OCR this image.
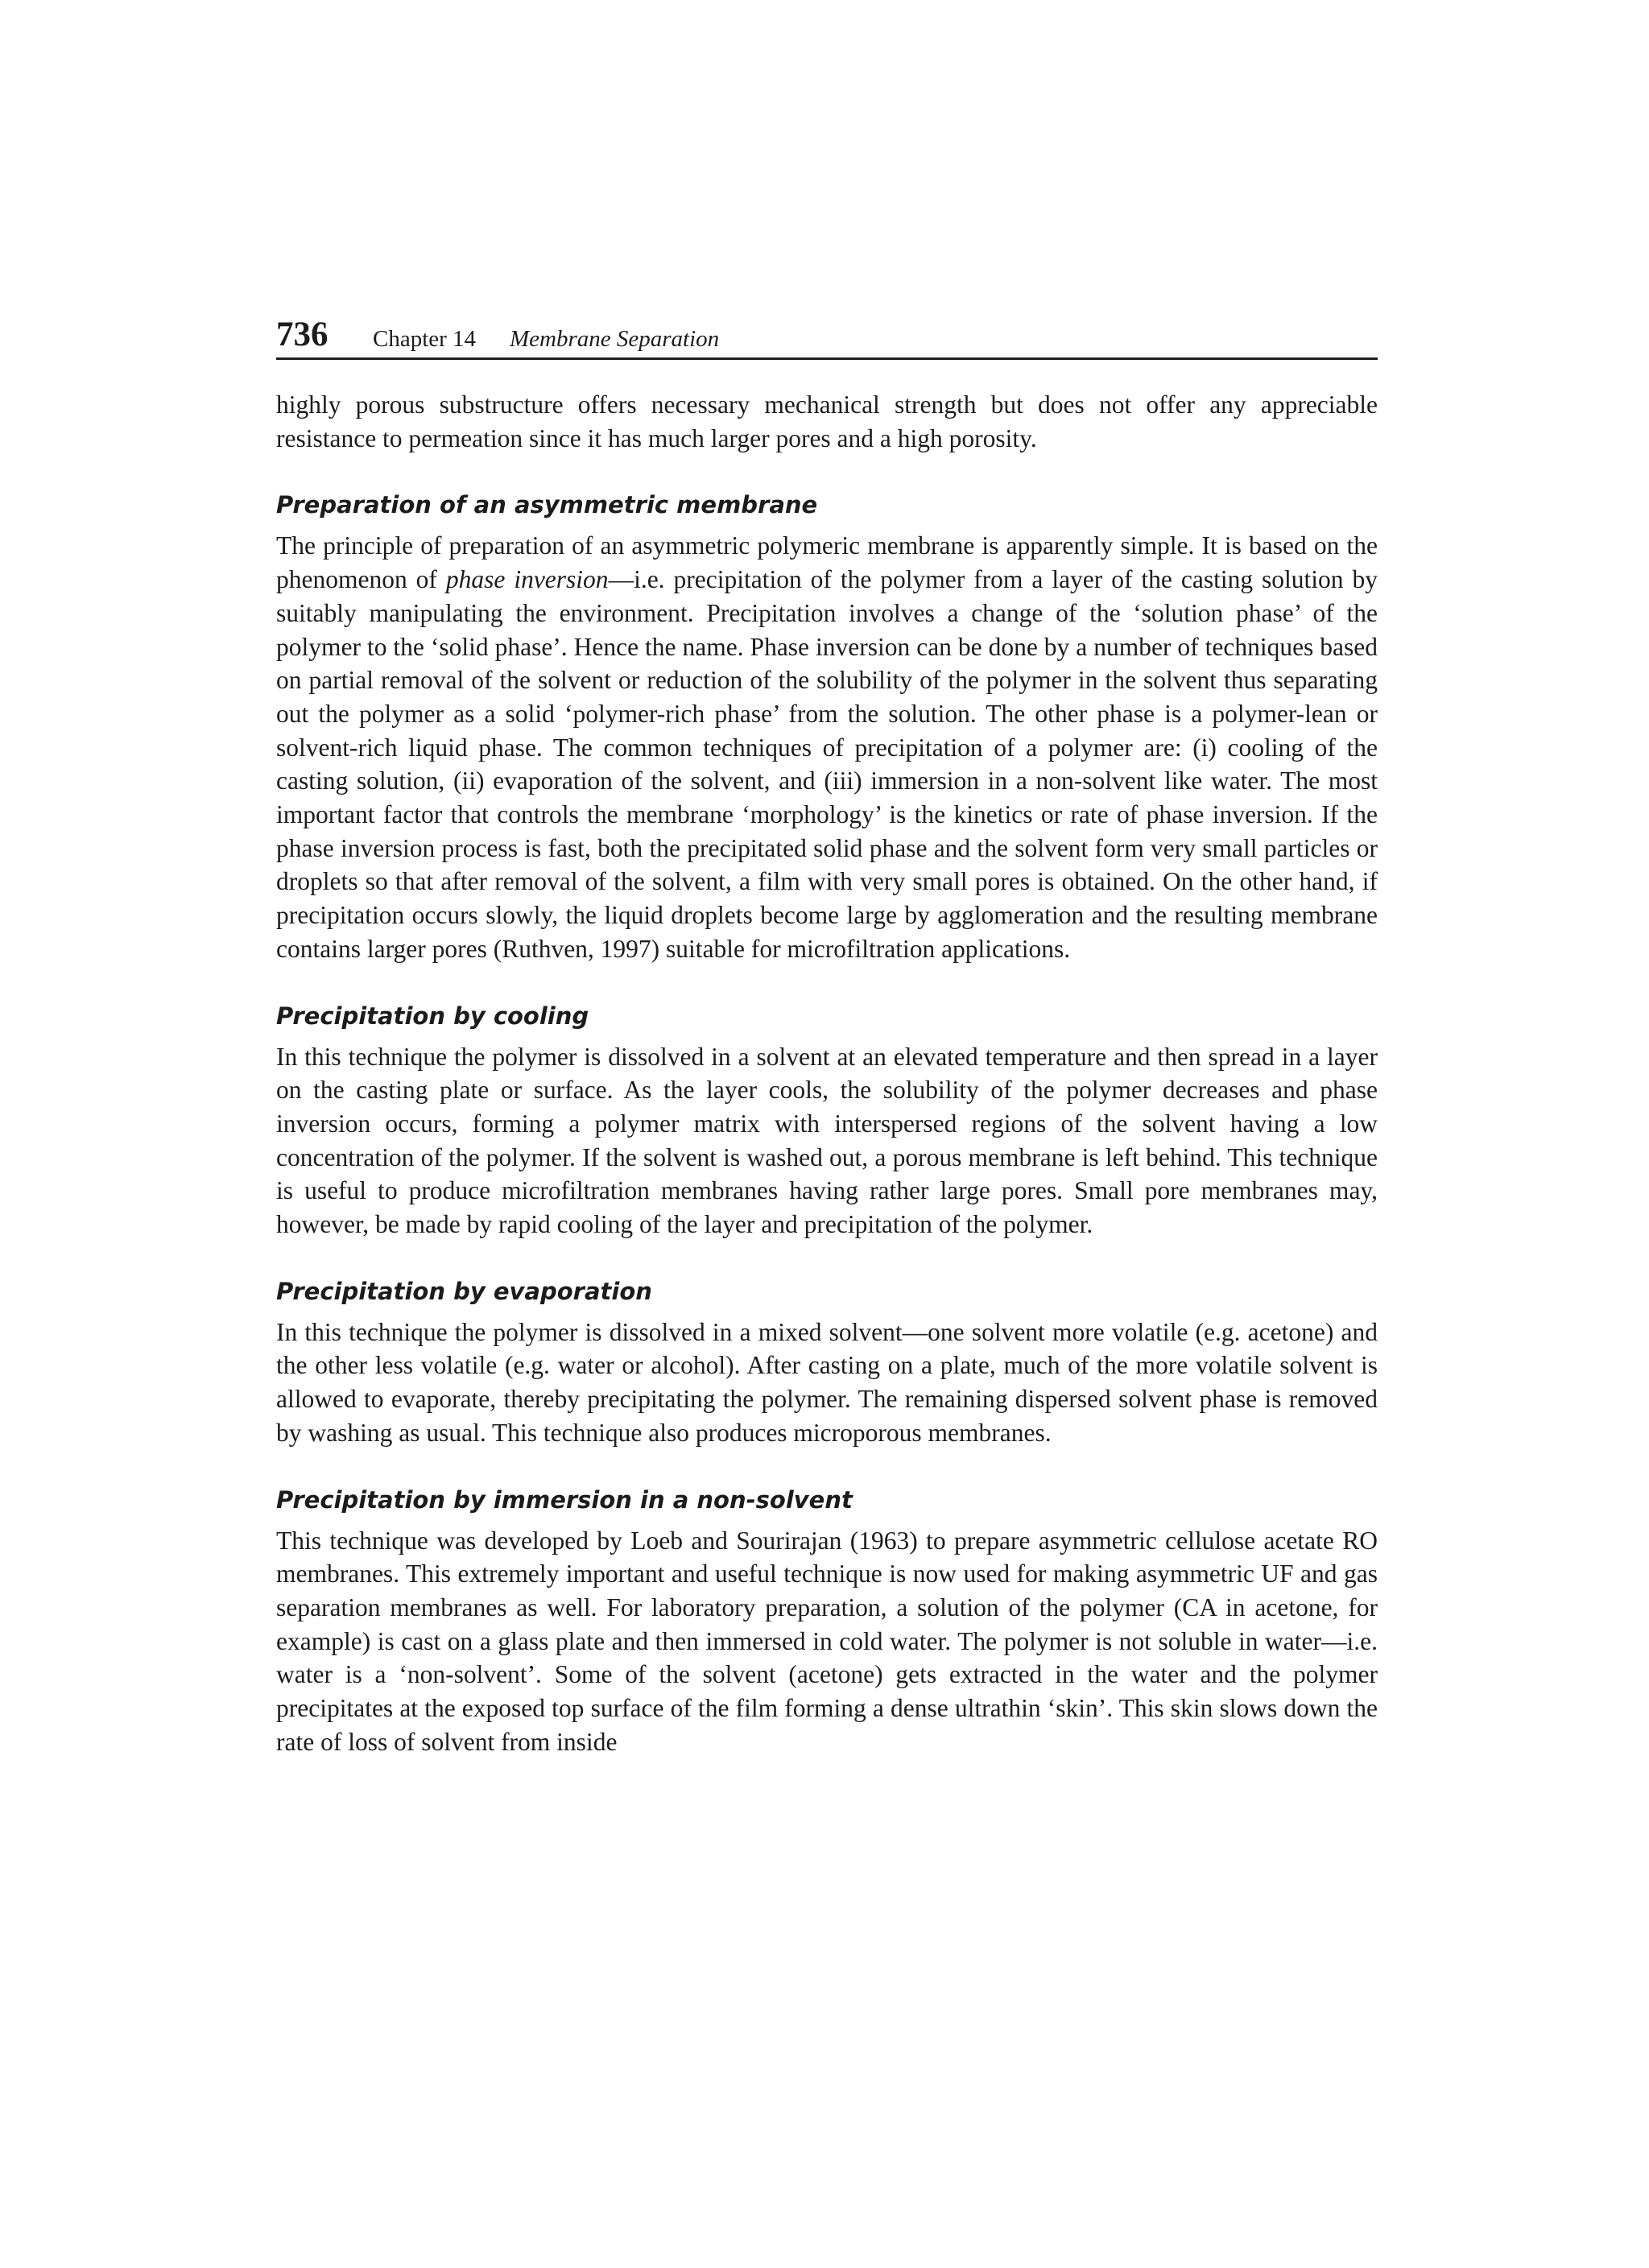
736 Chapter 14 Membrane Separation

highly porous substructure offers necessary mechanical strength but does not offer any appreciable resistance to permeation since it has much larger pores and a high porosity.

Preparation of an asymmetric membrane

The principle of preparation of an asymmetric polymeric membrane is apparently simple. It is based on the phenomenon of phase inversion—i.e. precipitation of the polymer from a layer of the casting solution by suitably manipulating the environment. Precipitation involves a change of the ‘solution phase’ of the polymer to the ‘solid phase’. Hence the name. Phase inversion can be done by a number of techniques based on partial removal of the solvent or reduction of the solubility of the polymer in the solvent thus separating out the polymer as a solid ‘polymer-rich phase’ from the solution. The other phase is a polymer-lean or solvent-rich liquid phase. The common techniques of precipitation of a polymer are: (i) cooling of the casting solution, (ii) evaporation of the solvent, and (iii) immersion in a non-solvent like water. The most important factor that controls the membrane ‘morphology’ is the kinetics or rate of phase inversion. If the phase inversion process is fast, both the precipitated solid phase and the solvent form very small particles or droplets so that after removal of the solvent, a film with very small pores is obtained. On the other hand, if precipitation occurs slowly, the liquid droplets become large by agglomeration and the resulting membrane contains larger pores (Ruthven, 1997) suitable for microfiltration applications.

Precipitation by cooling

In this technique the polymer is dissolved in a solvent at an elevated temperature and then spread in a layer on the casting plate or surface. As the layer cools, the solubility of the polymer decreases and phase inversion occurs, forming a polymer matrix with interspersed regions of the solvent having a low concentration of the polymer. If the solvent is washed out, a porous membrane is left behind. This technique is useful to produce microfiltration membranes having rather large pores. Small pore membranes may, however, be made by rapid cooling of the layer and precipitation of the polymer.

Precipitation by evaporation

In this technique the polymer is dissolved in a mixed solvent—one solvent more volatile (e.g. acetone) and the other less volatile (e.g. water or alcohol). After casting on a plate, much of the more volatile solvent is allowed to evaporate, thereby precipitating the polymer. The remaining dispersed solvent phase is removed by washing as usual. This technique also produces microporous membranes.

Precipitation by immersion in a non-solvent

This technique was developed by Loeb and Sourirajan (1963) to prepare asymmetric cellulose acetate RO membranes. This extremely important and useful technique is now used for making asymmetric UF and gas separation membranes as well. For laboratory preparation, a solution of the polymer (CA in acetone, for example) is cast on a glass plate and then immersed in cold water. The polymer is not soluble in water—i.e. water is a ‘non-solvent’. Some of the solvent (acetone) gets extracted in the water and the polymer precipitates at the exposed top surface of the film forming a dense ultrathin ‘skin’. This skin slows down the rate of loss of solvent from inside
